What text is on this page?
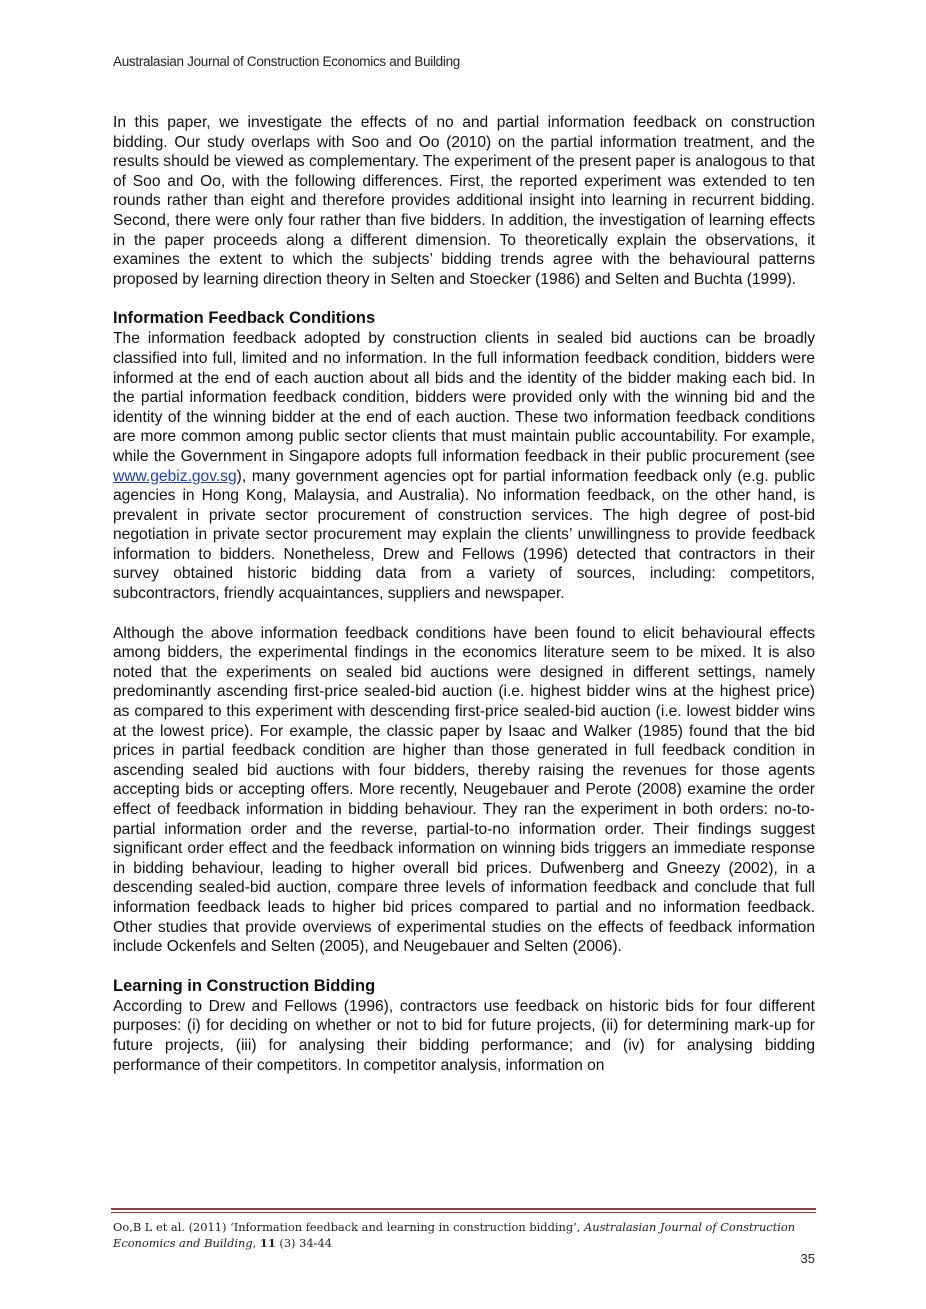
Australasian Journal of Construction Economics and Building

In this paper, we investigate the effects of no and partial information feedback on construction bidding. Our study overlaps with Soo and Oo (2010) on the partial information treatment, and the results should be viewed as complementary. The experiment of the present paper is analogous to that of Soo and Oo, with the following differences. First, the reported experiment was extended to ten rounds rather than eight and therefore provides additional insight into learning in recurrent bidding. Second, there were only four rather than five bidders. In addition, the investigation of learning effects in the paper proceeds along a different dimension. To theoretically explain the observations, it examines the extent to which the subjects’ bidding trends agree with the behavioural patterns proposed by learning direction theory in Selten and Stoecker (1986) and Selten and Buchta (1999).

Information Feedback Conditions

The information feedback adopted by construction clients in sealed bid auctions can be broadly classified into full, limited and no information. In the full information feedback condition, bidders were informed at the end of each auction about all bids and the identity of the bidder making each bid. In the partial information feedback condition, bidders were provided only with the winning bid and the identity of the winning bidder at the end of each auction. These two information feedback conditions are more common among public sector clients that must maintain public accountability. For example, while the Government in Singapore adopts full information feedback in their public procurement (see www.gebiz.gov.sg), many government agencies opt for partial information feedback only (e.g. public agencies in Hong Kong, Malaysia, and Australia). No information feedback, on the other hand, is prevalent in private sector procurement of construction services. The high degree of post-bid negotiation in private sector procurement may explain the clients’ unwillingness to provide feedback information to bidders. Nonetheless, Drew and Fellows (1996) detected that contractors in their survey obtained historic bidding data from a variety of sources, including: competitors, subcontractors, friendly acquaintances, suppliers and newspaper.

Although the above information feedback conditions have been found to elicit behavioural effects among bidders, the experimental findings in the economics literature seem to be mixed. It is also noted that the experiments on sealed bid auctions were designed in different settings, namely predominantly ascending first-price sealed-bid auction (i.e. highest bidder wins at the highest price) as compared to this experiment with descending first-price sealed-bid auction (i.e. lowest bidder wins at the lowest price). For example, the classic paper by Isaac and Walker (1985) found that the bid prices in partial feedback condition are higher than those generated in full feedback condition in ascending sealed bid auctions with four bidders, thereby raising the revenues for those agents accepting bids or accepting offers. More recently, Neugebauer and Perote (2008) examine the order effect of feedback information in bidding behaviour. They ran the experiment in both orders: no-to-partial information order and the reverse, partial-to-no information order. Their findings suggest significant order effect and the feedback information on winning bids triggers an immediate response in bidding behaviour, leading to higher overall bid prices. Dufwenberg and Gneezy (2002), in a descending sealed-bid auction, compare three levels of information feedback and conclude that full information feedback leads to higher bid prices compared to partial and no information feedback. Other studies that provide overviews of experimental studies on the effects of feedback information include Ockenfels and Selten (2005), and Neugebauer and Selten (2006).

Learning in Construction Bidding

According to Drew and Fellows (1996), contractors use feedback on historic bids for four different purposes: (i) for deciding on whether or not to bid for future projects, (ii) for determining mark-up for future projects, (iii) for analysing their bidding performance; and (iv) for analysing bidding performance of their competitors. In competitor analysis, information on

Oo,B L et al. (2011) ‘Information feedback and learning in construction bidding’, Australasian Journal of Construction Economics and Building, 11 (3) 34-44
35
